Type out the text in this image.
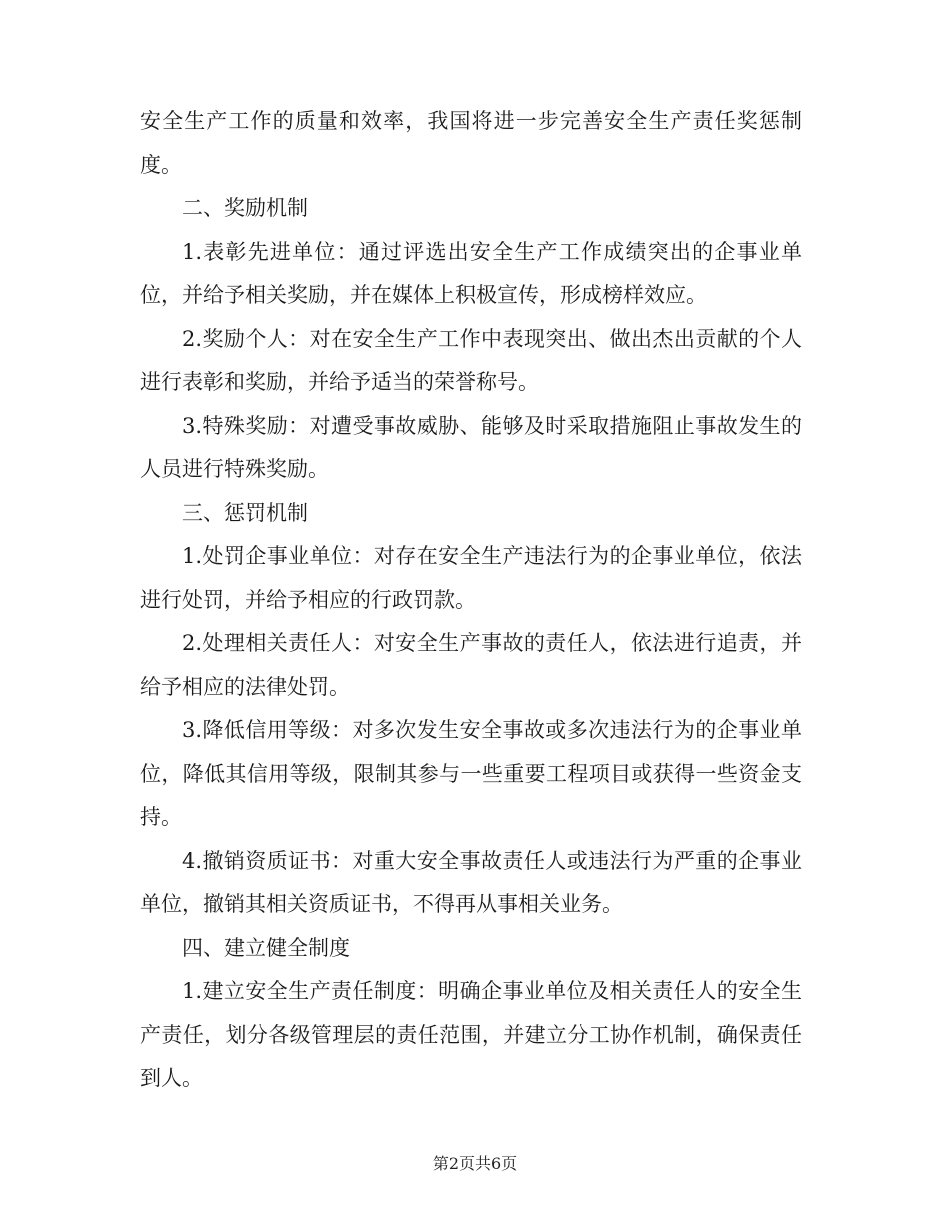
安全生产工作的质量和效率，我国将进一步完善安全生产责任奖惩制度。

二、奖励机制

1.表彰先进单位：通过评选出安全生产工作成绩突出的企事业单位，并给予相关奖励，并在媒体上积极宣传，形成榜样效应。

2.奖励个人：对在安全生产工作中表现突出、做出杰出贡献的个人进行表彰和奖励，并给予适当的荣誉称号。

3.特殊奖励：对遭受事故威胁、能够及时采取措施阻止事故发生的人员进行特殊奖励。

三、惩罚机制

1.处罚企事业单位：对存在安全生产违法行为的企事业单位，依法进行处罚，并给予相应的行政罚款。

2.处理相关责任人：对安全生产事故的责任人，依法进行追责，并给予相应的法律处罚。

3.降低信用等级：对多次发生安全事故或多次违法行为的企事业单位，降低其信用等级，限制其参与一些重要工程项目或获得一些资金支持。

4.撤销资质证书：对重大安全事故责任人或违法行为严重的企事业单位，撤销其相关资质证书，不得再从事相关业务。

四、建立健全制度

1.建立安全生产责任制度：明确企事业单位及相关责任人的安全生产责任，划分各级管理层的责任范围，并建立分工协作机制，确保责任到人。

第2页共6页
